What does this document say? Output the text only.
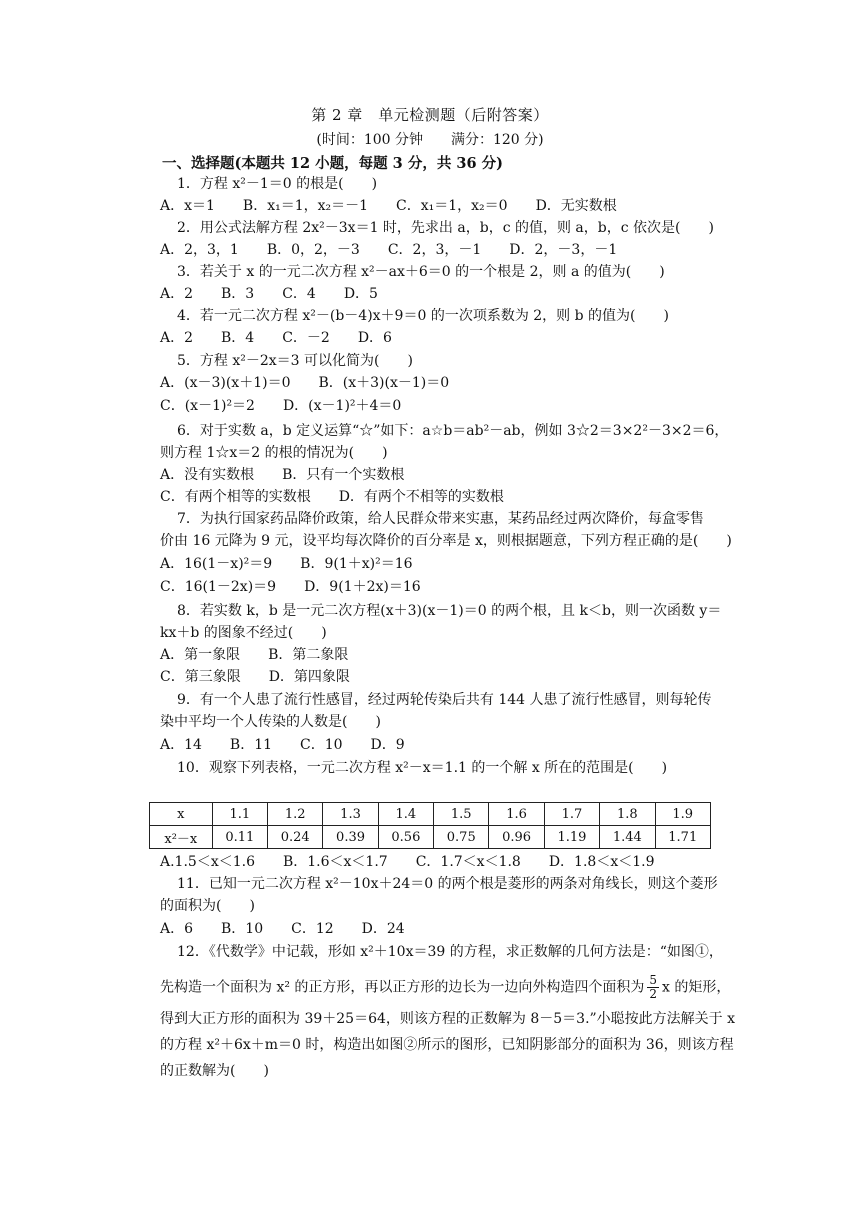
第 2 章　单元检测题（后附答案）
(时间：100 分钟　　满分：120 分)
一、选择题(本题共 12 小题，每题 3 分，共 36 分)
1．方程 x²－1＝0 的根是(　　)
A．x＝1　　B．x₁＝1，x₂＝－1　　C．x₁＝1，x₂＝0　　D．无实数根
2．用公式法解方程 2x²－3x＝1 时，先求出 a，b，c 的值，则 a，b，c 依次是(　　)
A．2，3，1　　B．0，2，－3　　C．2，3，－1　　D．2，－3，－1
3．若关于 x 的一元二次方程 x²－ax＋6＝0 的一个根是 2，则 a 的值为(　　)
A．2　　B．3　　C．4　　D．5
4．若一元二次方程 x²－(b－4)x＋9＝0 的一次项系数为 2，则 b 的值为(　　)
A．2　　B．4　　C．－2　　D．6
5．方程 x²－2x＝3 可以化简为(　　)
A．(x－3)(x＋1)＝0　　B．(x＋3)(x－1)＝0
C．(x－1)²＝2　　D．(x－1)²＋4＝0
6．对于实数 a，b 定义运算“☆”如下：a☆b＝ab²－ab，例如 3☆2＝3×2²－3×2＝6，
则方程 1☆x＝2 的根的情况为(　　)
A．没有实数根　　B．只有一个实数根
C．有两个相等的实数根　　D．有两个不相等的实数根
7．为执行国家药品降价政策，给人民群众带来实惠，某药品经过两次降价，每盒零售
价由 16 元降为 9 元，设平均每次降价的百分率是 x，则根据题意，下列方程正确的是(　　)
A．16(1－x)²＝9　　B．9(1＋x)²＝16
C．16(1－2x)＝9　　D．9(1＋2x)＝16
8．若实数 k，b 是一元二次方程(x＋3)(x－1)＝0 的两个根，且 k＜b，则一次函数 y＝
kx＋b 的图象不经过(　　)
A．第一象限　　B．第二象限
C．第三象限　　D．第四象限
9．有一个人患了流行性感冒，经过两轮传染后共有 144 人患了流行性感冒，则每轮传
染中平均一个人传染的人数是(　　)
A．14　　B．11　　C．10　　D．9
10．观察下列表格，一元二次方程 x²－x＝1.1 的一个解 x 所在的范围是(　　)
x	1.1	1.2	1.3	1.4	1.5	1.6	1.7	1.8	1.9
x²－x	0.11	0.24	0.39	0.56	0.75	0.96	1.19	1.44	1.71
A.1.5＜x＜1.6　　B．1.6＜x＜1.7　　C．1.7＜x＜1.8　　D．1.8＜x＜1.9
11．已知一元二次方程 x²－10x＋24＝0 的两个根是菱形的两条对角线长，则这个菱形
的面积为(　　)
A．6　　B．10　　C．12　　D．24
12．《代数学》中记载，形如 x²＋10x＝39 的方程，求正数解的几何方法是：“如图①，
先构造一个面积为 x² 的正方形，再以正方形的边长为一边向外构造四个面积为 $\frac{5}{2}$ x 的矩形，
得到大正方形的面积为 39＋25＝64，则该方程的正数解为 8－5＝3.”小聪按此方法解关于 x
的方程 x²＋6x＋m＝0 时，构造出如图②所示的图形，已知阴影部分的面积为 36，则该方程
的正数解为(　　)
